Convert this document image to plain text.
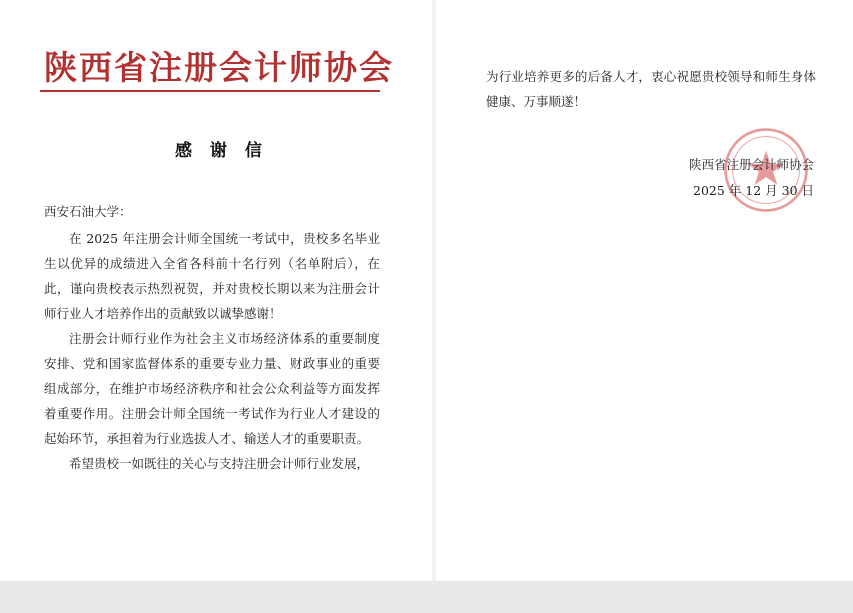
陕西省注册会计师协会
感 谢 信
西安石油大学：

在 2025 年注册会计师全国统一考试中，贵校多名毕业生以优异的成绩进入全省各科前十名行列（名单附后），在此，谨向贵校表示热烈祝贺，并对贵校长期以来为注册会计师行业人才培养作出的贡献致以诚挚感谢！

注册会计师行业作为社会主义市场经济体系的重要制度安排、党和国家监督体系的重要专业力量、财政事业的重要组成部分，在维护市场经济秩序和社会公众利益等方面发挥着重要作用。注册会计师全国统一考试作为行业人才建设的起始环节，承担着为行业选拔人才、输送人才的重要职责。

希望贵校一如既往的关心与支持注册会计师行业发展，

为行业培养更多的后备人才，衷心祝愿贵校领导和师生身体健康、万事顺遂！

陕西省注册会计师协会
2025 年 12 月 30 日
